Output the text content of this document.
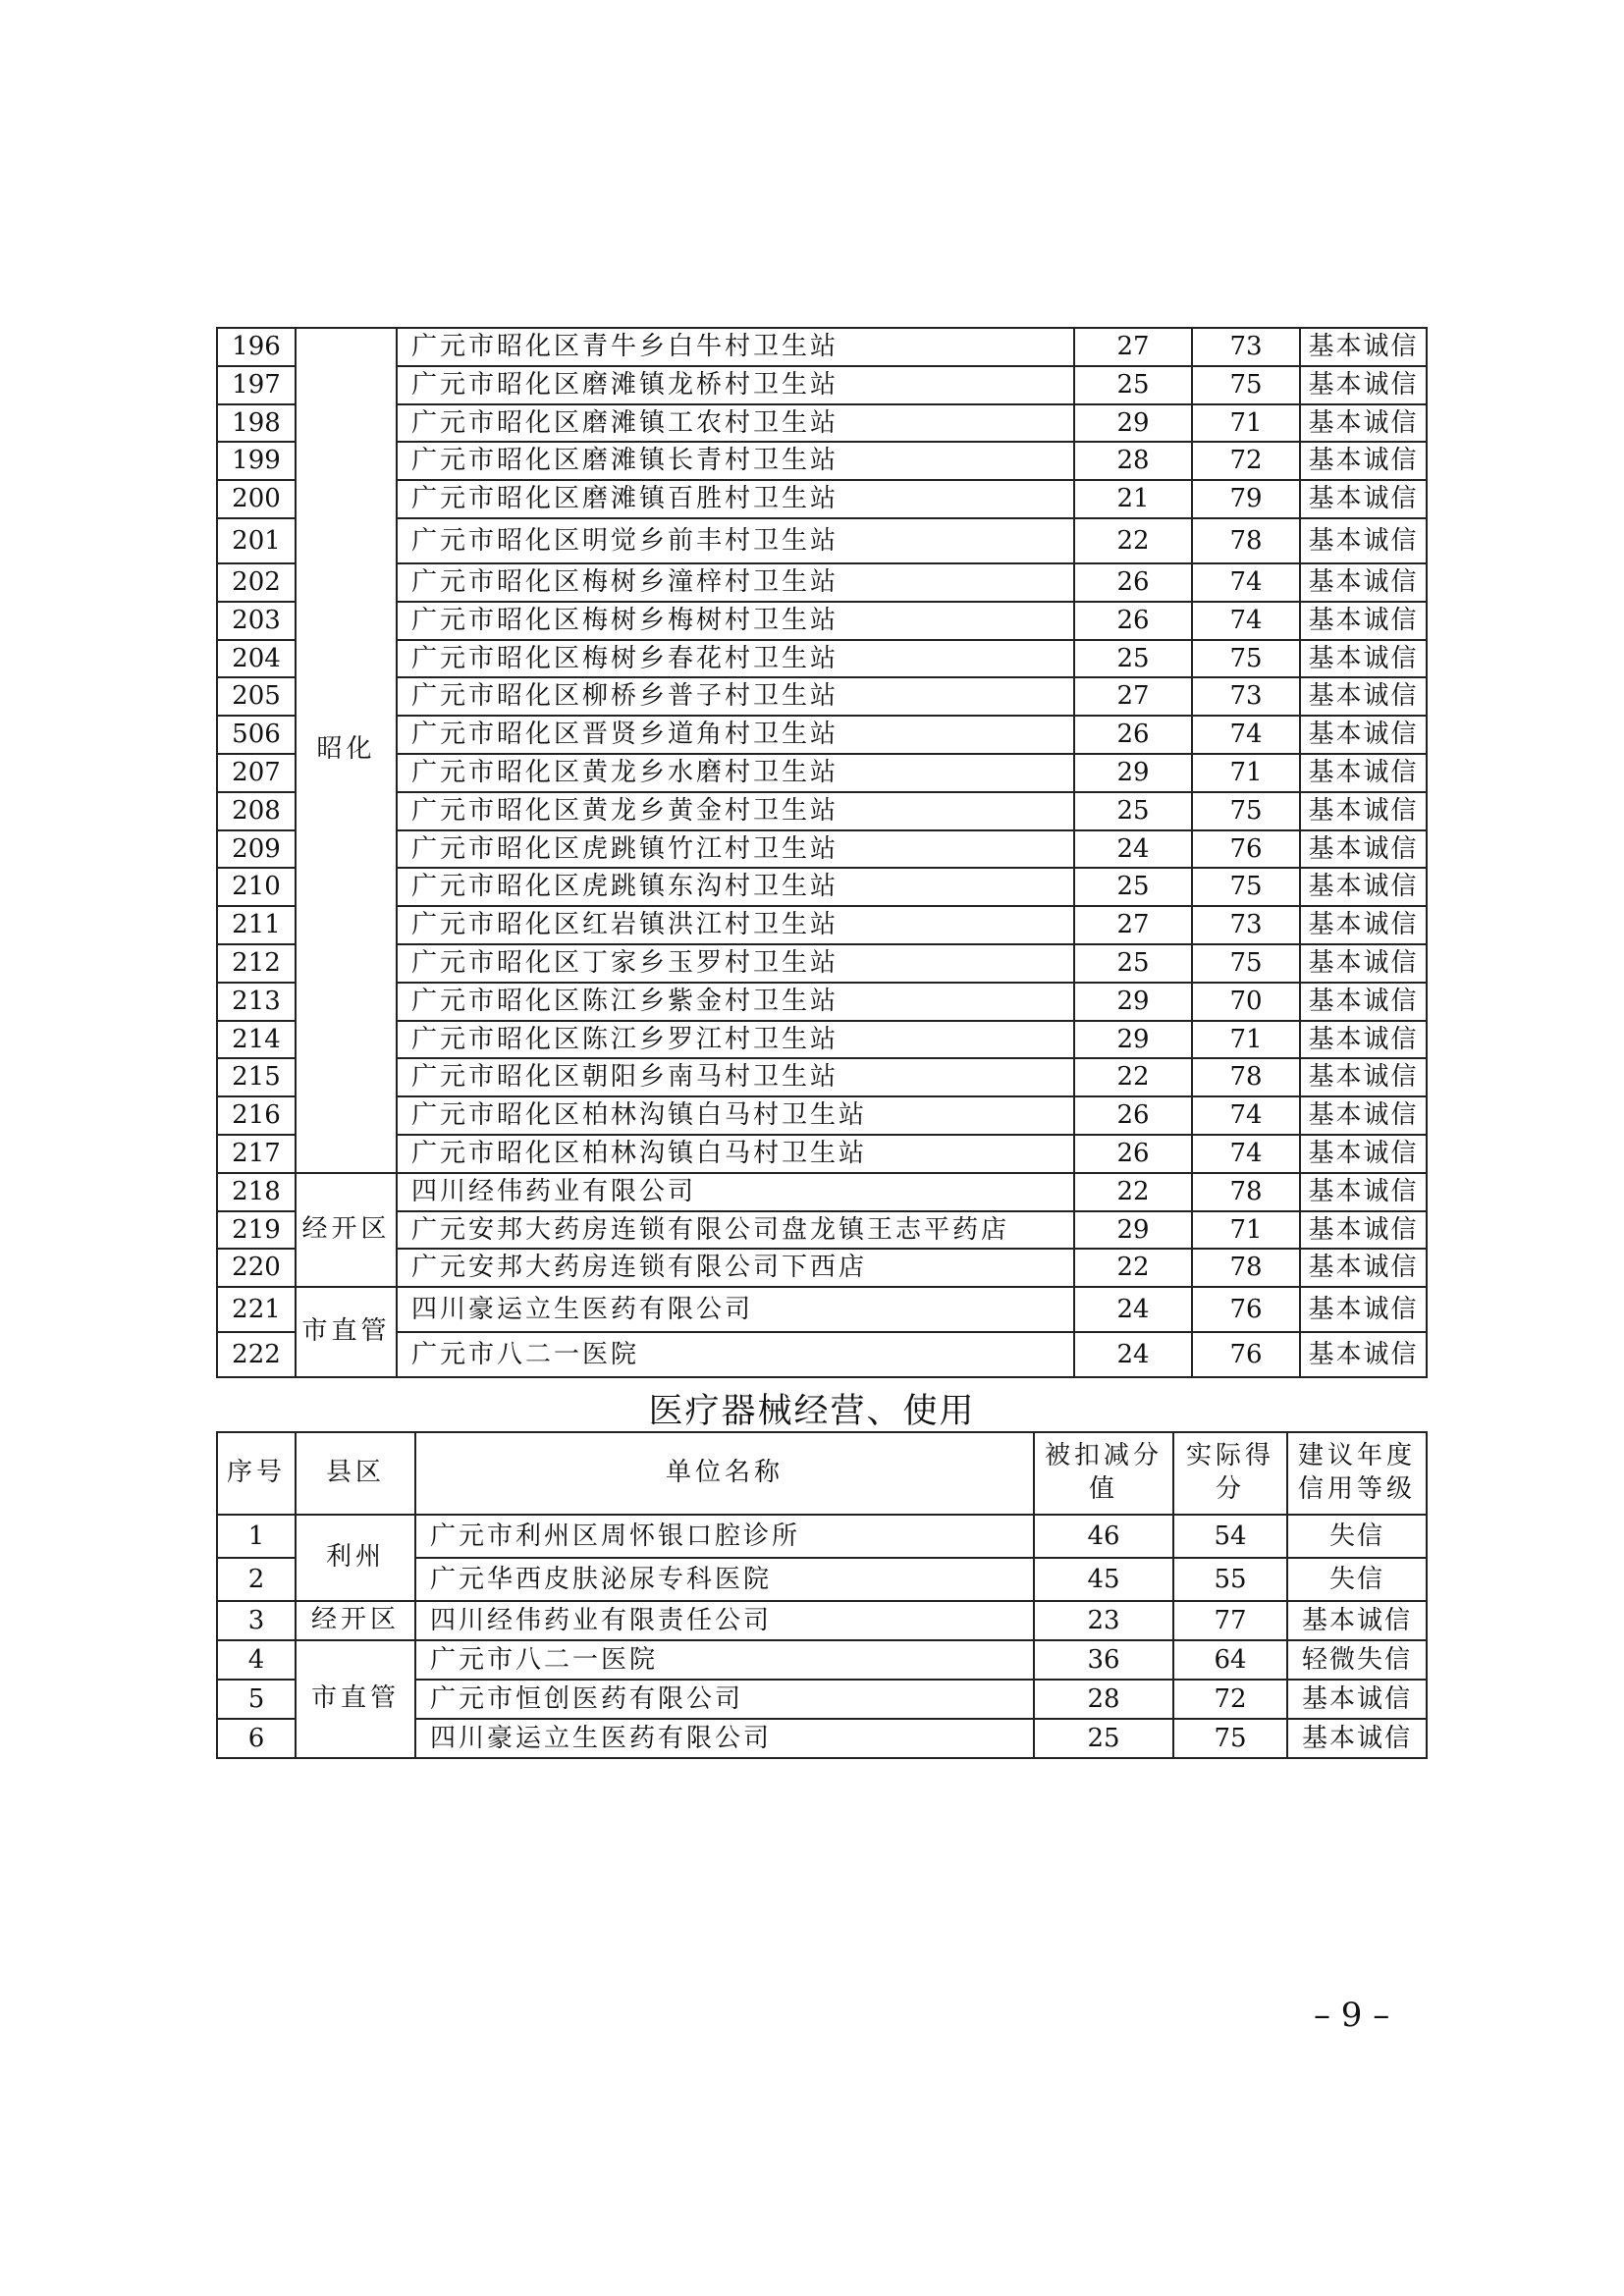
196	昭化	广元市昭化区青牛乡白牛村卫生站	27	73	基本诚信
197		广元市昭化区磨滩镇龙桥村卫生站	25	75	基本诚信
198		广元市昭化区磨滩镇工农村卫生站	29	71	基本诚信
199		广元市昭化区磨滩镇长青村卫生站	28	72	基本诚信
200		广元市昭化区磨滩镇百胜村卫生站	21	79	基本诚信
201		广元市昭化区明觉乡前丰村卫生站	22	78	基本诚信
202		广元市昭化区梅树乡潼梓村卫生站	26	74	基本诚信
203		广元市昭化区梅树乡梅树村卫生站	26	74	基本诚信
204		广元市昭化区梅树乡春花村卫生站	25	75	基本诚信
205		广元市昭化区柳桥乡普子村卫生站	27	73	基本诚信
506		广元市昭化区晋贤乡道角村卫生站	26	74	基本诚信
207		广元市昭化区黄龙乡水磨村卫生站	29	71	基本诚信
208		广元市昭化区黄龙乡黄金村卫生站	25	75	基本诚信
209		广元市昭化区虎跳镇竹江村卫生站	24	76	基本诚信
210		广元市昭化区虎跳镇东沟村卫生站	25	75	基本诚信
211		广元市昭化区红岩镇洪江村卫生站	27	73	基本诚信
212		广元市昭化区丁家乡玉罗村卫生站	25	75	基本诚信
213		广元市昭化区陈江乡紫金村卫生站	29	70	基本诚信
214		广元市昭化区陈江乡罗江村卫生站	29	71	基本诚信
215		广元市昭化区朝阳乡南马村卫生站	22	78	基本诚信
216		广元市昭化区柏林沟镇白马村卫生站	26	74	基本诚信
217		广元市昭化区柏林沟镇白马村卫生站	26	74	基本诚信
218	经开区	四川经伟药业有限公司	22	78	基本诚信
219		广元安邦大药房连锁有限公司盘龙镇王志平药店	29	71	基本诚信
220		广元安邦大药房连锁有限公司下西店	22	78	基本诚信
221	市直管	四川豪运立生医药有限公司	24	76	基本诚信
222		广元市八二一医院	24	76	基本诚信
医疗器械经营、使用
序号	县区	单位名称	被扣减分值	实际得分	建议年度信用等级
1	利州	广元市利州区周怀银口腔诊所	46	54	失信
2		广元华西皮肤泌尿专科医院	45	55	失信
3	经开区	四川经伟药业有限责任公司	23	77	基本诚信
4	市直管	广元市八二一医院	36	64	轻微失信
5		广元市恒创医药有限公司	28	72	基本诚信
6		四川豪运立生医药有限公司	25	75	基本诚信
– 9 –
